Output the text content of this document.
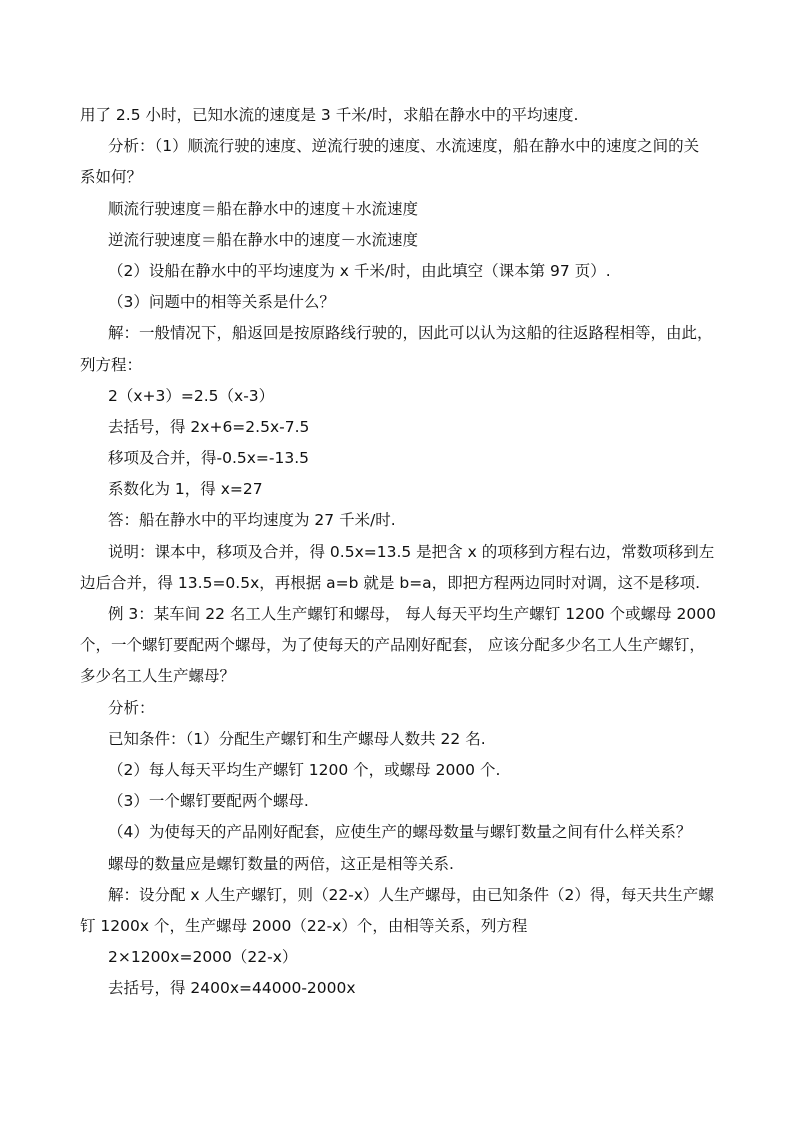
用了 2.5 小时，已知水流的速度是 3 千米/时，求船在静水中的平均速度.
分析：（1）顺流行驶的速度、逆流行驶的速度、水流速度，船在静水中的速度之间的关
系如何？
顺流行驶速度＝船在静水中的速度＋水流速度
逆流行驶速度＝船在静水中的速度－水流速度
（2）设船在静水中的平均速度为 x 千米/时，由此填空（课本第 97 页）.
（3）问题中的相等关系是什么？
解：一般情况下，船返回是按原路线行驶的，因此可以认为这船的往返路程相等，由此，
列方程：
2（x+3）=2.5（x-3）
去括号，得 2x+6=2.5x-7.5
移项及合并，得-0.5x=-13.5
系数化为 1，得 x=27
答：船在静水中的平均速度为 27 千米/时.
说明：课本中，移项及合并，得 0.5x=13.5 是把含 x 的项移到方程右边，常数项移到左
边后合并，得 13.5=0.5x，再根据 a=b 就是 b=a，即把方程两边同时对调，这不是移项.
例 3：某车间 22 名工人生产螺钉和螺母， 每人每天平均生产螺钉 1200 个或螺母 2000
个，一个螺钉要配两个螺母，为了使每天的产品刚好配套， 应该分配多少名工人生产螺钉，
多少名工人生产螺母？
分析：
已知条件：（1）分配生产螺钉和生产螺母人数共 22 名.
（2）每人每天平均生产螺钉 1200 个，或螺母 2000 个.
（3）一个螺钉要配两个螺母.
（4）为使每天的产品刚好配套，应使生产的螺母数量与螺钉数量之间有什么样关系？
螺母的数量应是螺钉数量的两倍，这正是相等关系.
解：设分配 x 人生产螺钉，则（22-x）人生产螺母，由已知条件（2）得，每天共生产螺
钉 1200x 个，生产螺母 2000（22-x）个，由相等关系，列方程
2×1200x=2000（22-x）
去括号，得 2400x=44000-2000x
